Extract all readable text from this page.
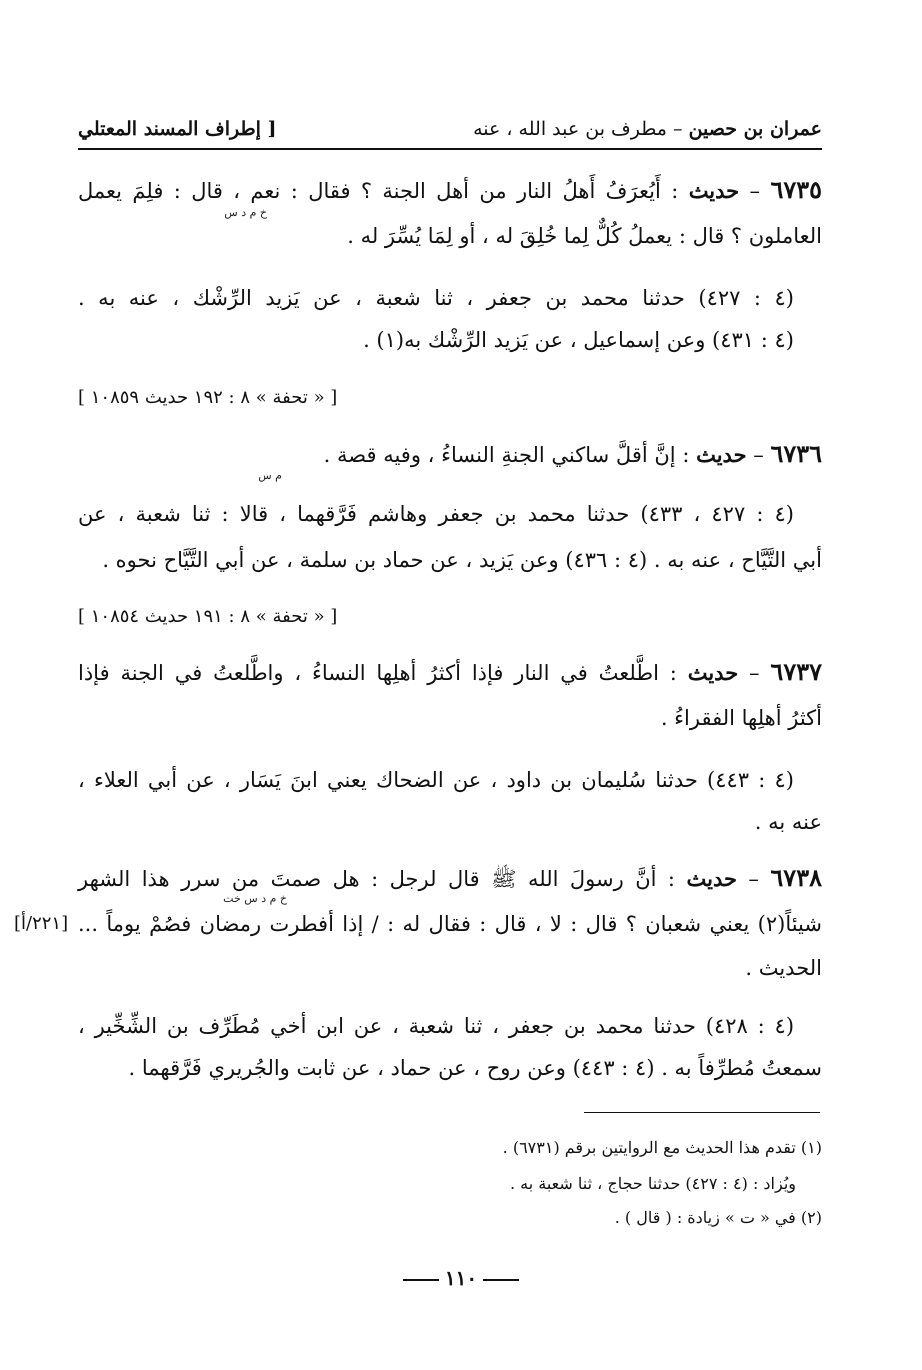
[ إطراف المسند المعتلي	عمران بن حصين – مطرف بن عبد الله ، عنه
٦٧٣٥ – حديث : أَيُعرَفُ أَهلُ النار من أهل الجنة ؟ فقال : نعم ، قال : فلِمَ يعمل
خ م د س
العاملون ؟ قال : يعملُ كُلٌّ لِما خُلِقَ له ، أو لِمَا يُسِّرَ له .
(٤ : ٤٢٧) حدثنا محمد بن جعفر ، ثنا شعبة ، عن يَزيد الرِّشْك ، عنه به .
(٤ : ٤٣١) وعن إسماعيل ، عن يَزيد الرِّشْك به(١) .
[ « تحفة » ٨ : ١٩٢ حديث ١٠٨٥٩ ]
٦٧٣٦ – حديث : إنَّ أقلَّ ساكني الجنةِ النساءُ ، وفيه قصة .
م س
(٤ : ٤٢٧ ، ٤٣٣) حدثنا محمد بن جعفر وهاشم فَرَّقهما ، قالا : ثنا شعبة ، عن
أبي التَّيَّاح ، عنه به . (٤ : ٤٣٦) وعن يَزيد ، عن حماد بن سلمة ، عن أبي التَّيَّاح نحوه .
[ « تحفة » ٨ : ١٩١ حديث ١٠٨٥٤ ]
٦٧٣٧ – حديث : اطَّلعتُ في النار فإذا أكثرُ أهلِها النساءُ ، واطَّلعتُ في الجنة فإذا
أكثرُ أهلِها الفقراءُ .
(٤ : ٤٤٣) حدثنا سُليمان بن داود ، عن الضحاك يعني ابنَ يَسَار ، عن أبي العلاء ،
عنه به .
٦٧٣٨ – حديث : أنَّ رسولَ الله ﷺ قال لرجل : هل صمتَ من سرر هذا الشهر
خ م د س خت
شيئاً(٢) يعني شعبان ؟ قال : لا ، قال : فقال له : / إذا أفطرت رمضان فصُمْ يوماً ...
[٢٢١/أ]
الحديث .
(٤ : ٤٢٨) حدثنا محمد بن جعفر ، ثنا شعبة ، عن ابن أخي مُطَرِّف بن الشِّخِّير ،
سمعتُ مُطرِّفاً به . (٤ : ٤٤٣) وعن روح ، عن حماد ، عن ثابت والجُريري فَرَّقهما .
(١) تقدم هذا الحديث مع الروايتين برقم (٦٧٣١) .
ويُزاد : (٤ : ٤٢٧) حدثنا حجاج ، ثنا شعبة به .
(٢) في « ت » زيادة : ( قال ) .
١١٠
